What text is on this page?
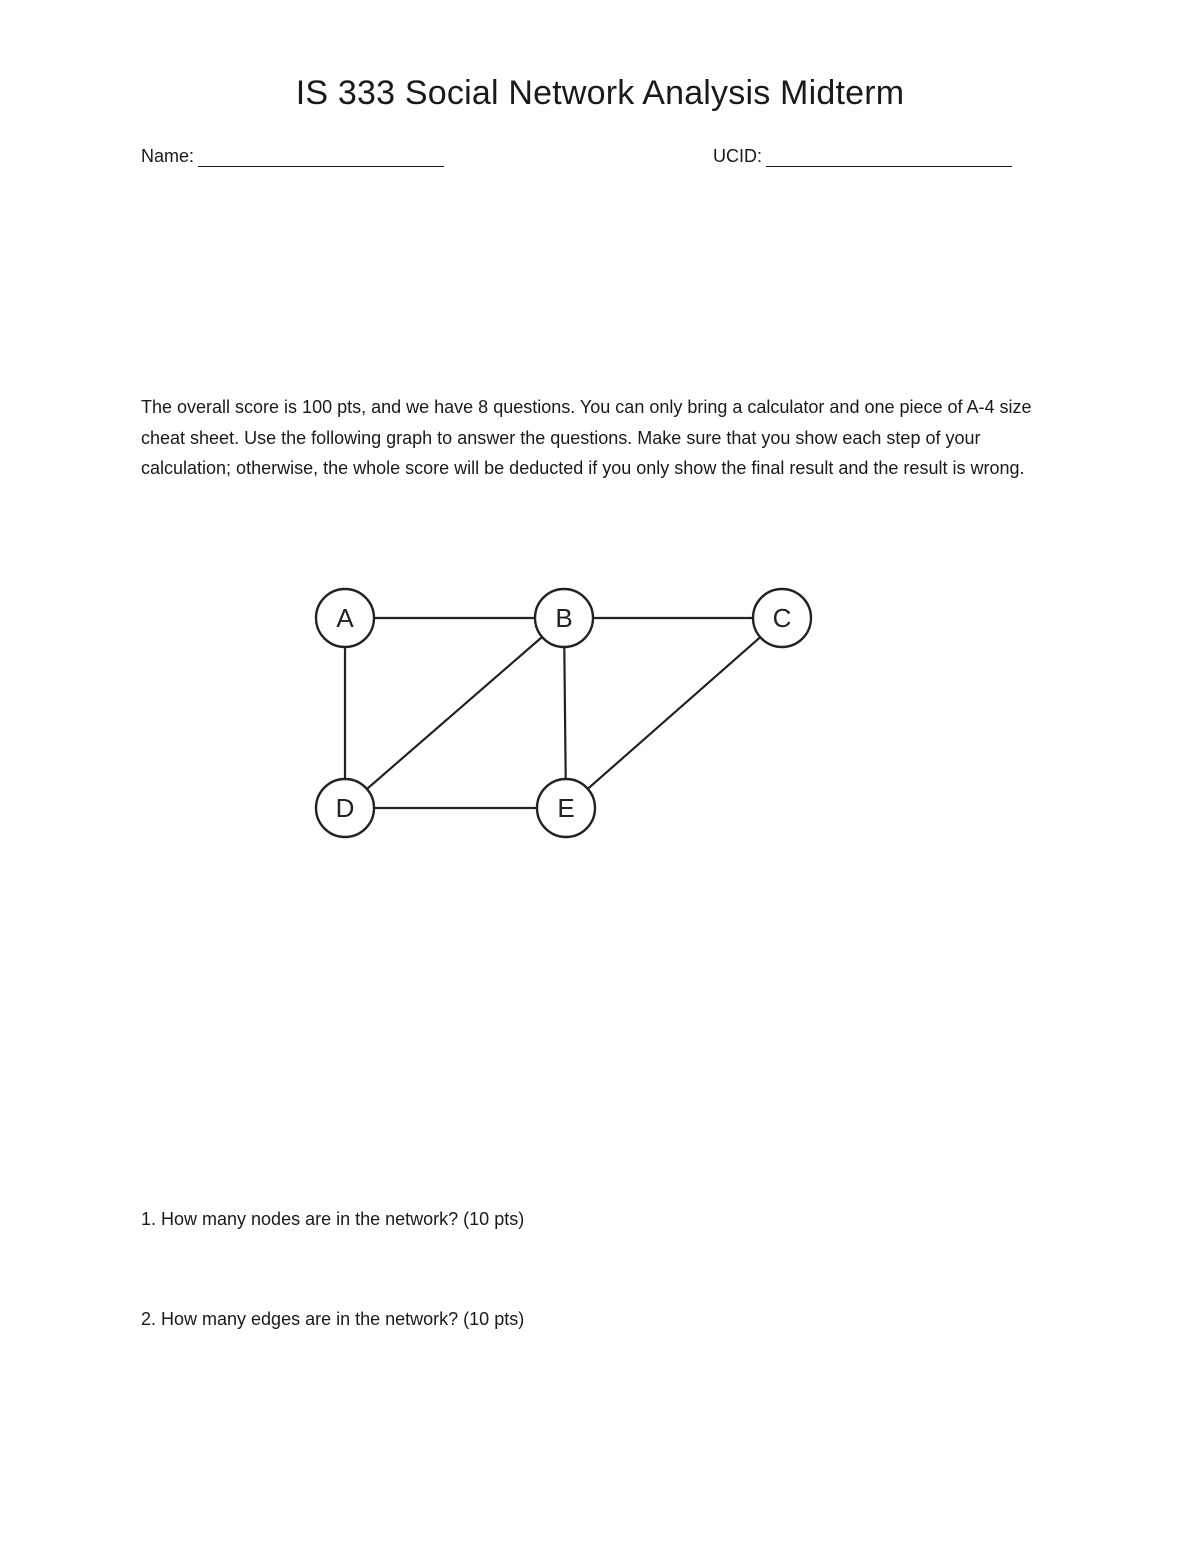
IS 333 Social Network Analysis Midterm
Name:	UCID:

The overall score is 100 pts, and we have 8 questions. You can only bring a calculator and one piece of A-4 size cheat sheet. Use the following graph to answer the questions. Make sure that you show each step of your calculation; otherwise, the whole score will be deducted if you only show the final result and the result is wrong.

A	B	C
D	E

1. How many nodes are in the network? (10 pts)

2. How many edges are in the network? (10 pts)
